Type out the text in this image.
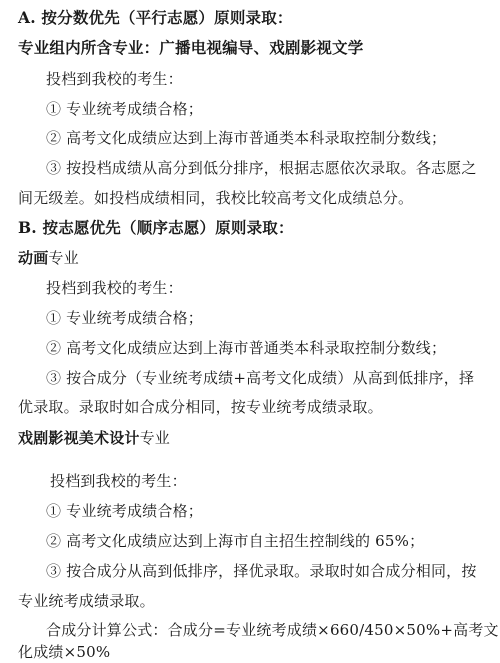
A. 按分数优先（平行志愿）原则录取：
专业组内所含专业：广播电视编导、戏剧影视文学
投档到我校的考生：
① 专业统考成绩合格；
② 高考文化成绩应达到上海市普通类本科录取控制分数线；
③ 按投档成绩从高分到低分排序，根据志愿依次录取。各志愿之
间无级差。如投档成绩相同，我校比较高考文化成绩总分。
B. 按志愿优先（顺序志愿）原则录取：
动画专业
投档到我校的考生：
① 专业统考成绩合格；
② 高考文化成绩应达到上海市普通类本科录取控制分数线；
③ 按合成分（专业统考成绩+高考文化成绩）从高到低排序，择
优录取。录取时如合成分相同，按专业统考成绩录取。
戏剧影视美术设计专业
投档到我校的考生：
① 专业统考成绩合格；
② 高考文化成绩应达到上海市自主招生控制线的 65%；
③ 按合成分从高到低排序，择优录取。录取时如合成分相同，按
专业统考成绩录取。
合成分计算公式：合成分=专业统考成绩×660/450×50%+高考文
化成绩×50%
